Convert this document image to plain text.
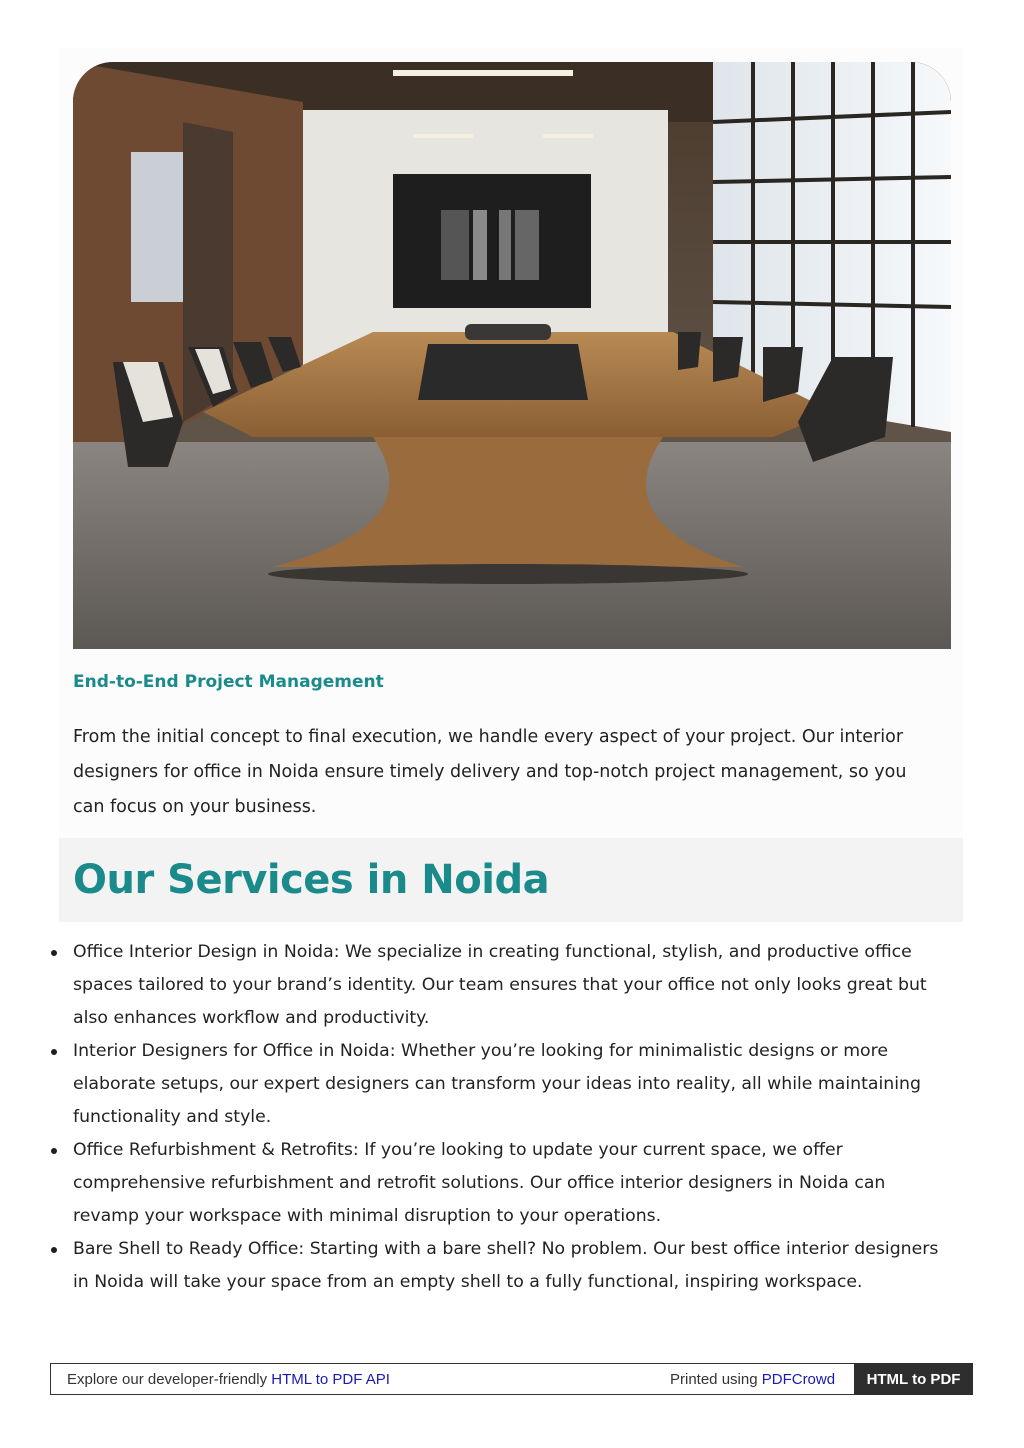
End-to-End Project Management

From the initial concept to final execution, we handle every aspect of your project. Our interior designers for office in Noida ensure timely delivery and top-notch project management, so you can focus on your business.

Our Services in Noida
Office Interior Design in Noida: We specialize in creating functional, stylish, and productive office spaces tailored to your brand’s identity. Our team ensures that your office not only looks great but also enhances workflow and productivity.
Interior Designers for Office in Noida: Whether you’re looking for minimalistic designs or more elaborate setups, our expert designers can transform your ideas into reality, all while maintaining functionality and style.
Office Refurbishment & Retrofits: If you’re looking to update your current space, we offer comprehensive refurbishment and retrofit solutions. Our office interior designers in Noida can revamp your workspace with minimal disruption to your operations.
Bare Shell to Ready Office: Starting with a bare shell? No problem. Our best office interior designers in Noida will take your space from an empty shell to a fully functional, inspiring workspace.
Explore our developer-friendly HTML to PDF API	Printed using PDFCrowd	HTML to PDF
